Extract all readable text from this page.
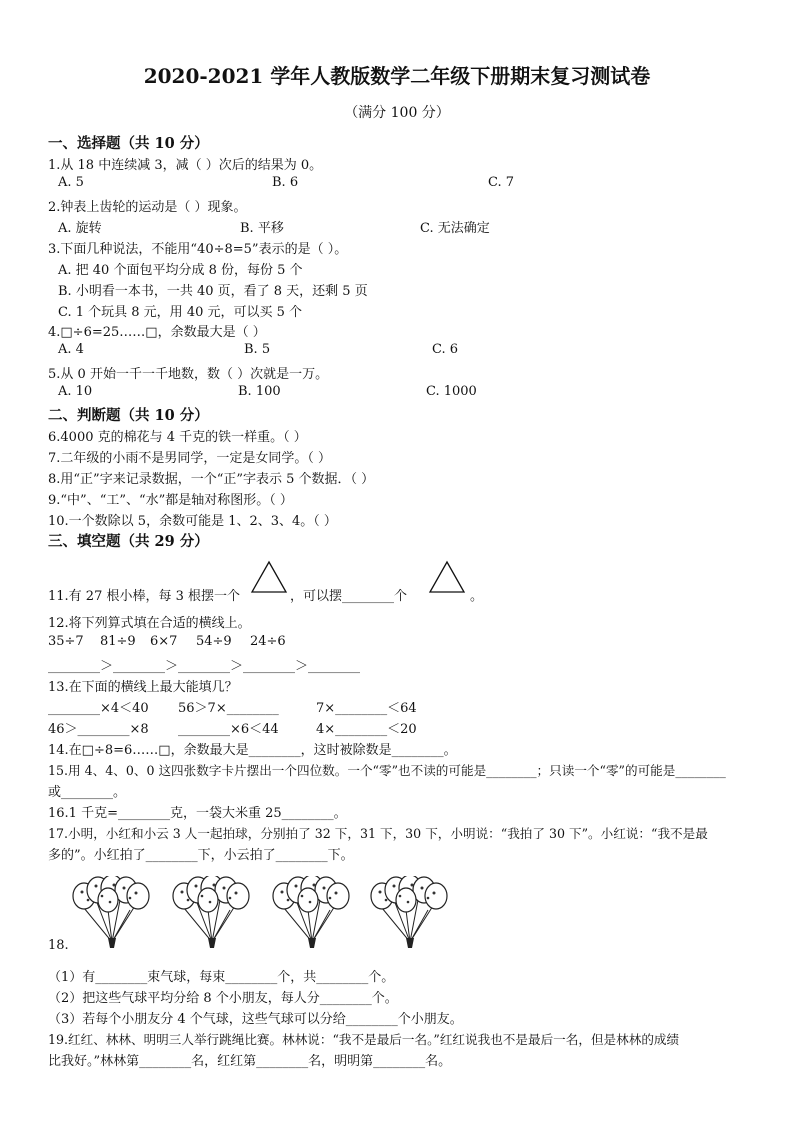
2020-2021 学年人教版数学二年级下册期末复习测试卷
（满分 100 分）
一、选择题（共 10 分）
1.从 18 中连续减 3，减（ ）次后的结果为 0。
A. 5	B. 6	C. 7
2.钟表上齿轮的运动是（ ）现象。
A. 旋转	B. 平移	C. 无法确定
3.下面几种说法，不能用“40÷8=5”表示的是（ ）。
A. 把 40 个面包平均分成 8 份，每份 5 个
B. 小明看一本书，一共 40 页，看了 8 天，还剩 5 页
C. 1 个玩具 8 元，用 40 元，可以买 5 个
4.□÷6=25……□，余数最大是（ ）
A. 4	B. 5	C. 6
5.从 0 开始一千一千地数，数（ ）次就是一万。
A. 10	B. 100	C. 1000
二、判断题（共 10 分）
6.4000 克的棉花与 4 千克的铁一样重。（ ）
7.二年级的小雨不是男同学，一定是女同学。（ ）
8.用“正”字来记录数据，一个“正”字表示 5 个数据．（ ）
9.“中”、“工”、“水”都是轴对称图形。（ ）
10.一个数除以 5，余数可能是 1、2、3、4。（ ）
三、填空题（共 29 分）
11.有 27 根小棒，每 3 根摆一个	，可以摆________个	。
12.将下列算式填在合适的横线上。
35÷7 81÷9 6×7 54÷9 24÷6
________＞________＞________＞________＞________
13.在下面的横线上最大能填几？
________×4＜40 56＞7×________	7×________＜64
46＞________×8 ________×6＜44	4×________＜20
14.在□÷8=6……□，余数最大是________，这时被除数是________。
15.用 4、4、0、0 这四张数字卡片摆出一个四位数。一个“零”也不读的可能是________；只读一个“零”的可能是________
或________。
16.1 千克=________克，一袋大米重 25________。
17.小明，小红和小云 3 人一起拍球，分别拍了 32 下，31 下，30 下，小明说：“我拍了 30 下”。小红说：“我不是最
多的”。小红拍了________下，小云拍了________下。
18.
（1）有________束气球，每束________个，共________个。
（2）把这些气球平均分给 8 个小朋友，每人分________个。
（3）若每个小朋友分 4 个气球，这些气球可以分给________个小朋友。
19.红红、林林、明明三人举行跳绳比赛。林林说：“我不是最后一名。”红红说我也不是最后一名，但是林林的成绩
比我好。”林林第________名，红红第________名，明明第________名。
